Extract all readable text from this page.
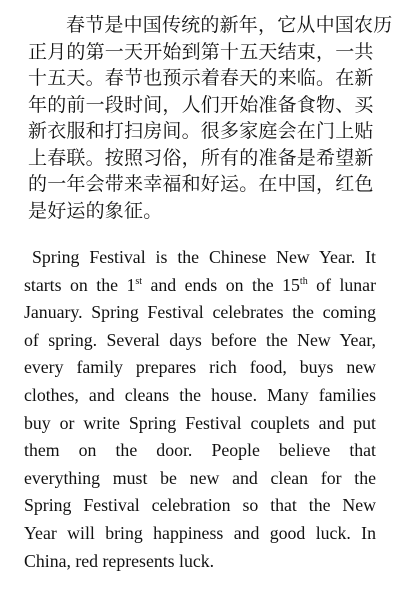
春节是中国传统的新年，它从中国农历
正月的第一天开始到第十五天结束，一共
十五天。春节也预示着春天的来临。在新
年的前一段时间，人们开始准备食物、买
新衣服和打扫房间。很多家庭会在门上贴
上春联。按照习俗，所有的准备是希望新
的一年会带来幸福和好运。在中国，红色
是好运的象征。

Spring Festival is the Chinese New Year. It
starts on the 1st and ends on the 15th of lunar
January. Spring Festival celebrates the coming
of spring. Several days before the New Year,
every family prepares rich food, buys new
clothes, and cleans the house. Many families
buy or write Spring Festival couplets and put
them on the door. People believe that
everything must be new and clean for the
Spring Festival celebration so that the New
Year will bring happiness and good luck. In
China, red represents luck.
